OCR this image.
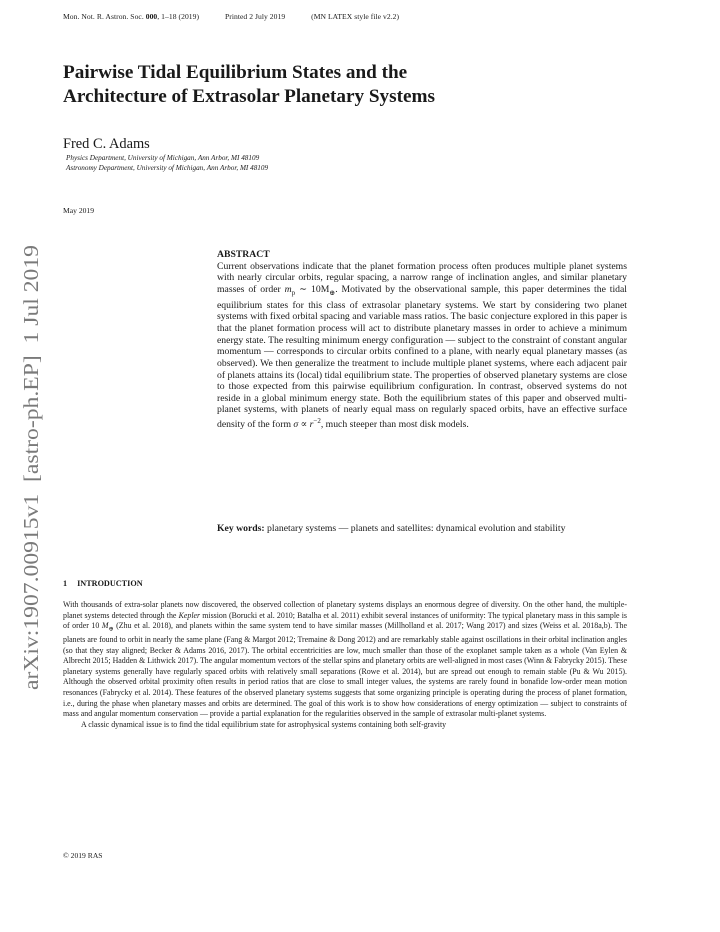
Mon. Not. R. Astron. Soc. 000, 1–18 (2019)	Printed 2 July 2019	(MN LATEX style file v2.2)
Pairwise Tidal Equilibrium States and the
Architecture of Extrasolar Planetary Systems
Fred C. Adams
Physics Department, University of Michigan, Ann Arbor, MI 48109
Astronomy Department, University of Michigan, Ann Arbor, MI 48109
May 2019
arXiv:1907.00915v1  [astro-ph.EP]  1 Jul 2019
ABSTRACT
Current observations indicate that the planet formation process often produces multiple planet systems with nearly circular orbits, regular spacing, a narrow range of inclination angles, and similar planetary masses of order $m_p$ ∼ $10M_\oplus$. Motivated by the observational sample, this paper determines the tidal equilibrium states for this class of extrasolar planetary systems. We start by considering two planet systems with fixed orbital spacing and variable mass ratios. The basic conjecture explored in this paper is that the planet formation process will act to distribute planetary masses in order to achieve a minimum energy state. The resulting minimum energy configuration — subject to the constraint of constant angular momentum — corresponds to circular orbits confined to a plane, with nearly equal planetary masses (as observed). We then generalize the treatment to include multiple planet systems, where each adjacent pair of planets attains its (local) tidal equilibrium state. The properties of observed planetary systems are close to those expected from this pairwise equilibrium configuration. In contrast, observed systems do not reside in a global minimum energy state. Both the equilibrium states of this paper and observed multi-planet systems, with planets of nearly equal mass on regularly spaced orbits, have an effective surface density of the form $\sigma \propto r^{-2}$, much steeper than most disk models.
Key words: planetary systems — planets and satellites: dynamical evolution and stability
1 INTRODUCTION

With thousands of extra-solar planets now discovered, the observed collection of planetary systems displays an enormous degree of diversity. On the other hand, the multiple-planet systems detected through the Kepler mission (Borucki et al. 2010; Batalha et al. 2011) exhibit several instances of uniformity: The typical planetary mass in this sample is of order 10 $M_\oplus$ (Zhu et al. 2018), and planets within the same system tend to have similar masses (Millholland et al. 2017; Wang 2017) and sizes (Weiss et al. 2018a,b). The planets are found to orbit in nearly the same plane (Fang & Margot 2012; Tremaine & Dong 2012) and are remarkably stable against oscillations in their orbital inclination angles (so that they stay aligned; Becker & Adams 2016, 2017). The orbital eccentricities are low, much smaller than those of the exoplanet sample taken as a whole (Van Eylen & Albrecht 2015; Hadden & Lithwick 2017). The angular momentum vectors of the stellar spins and planetary orbits are well-aligned in most cases (Winn & Fabrycky 2015). These planetary systems generally have regularly spaced orbits with relatively small separations (Rowe et al. 2014), but are spread out enough to remain stable (Pu & Wu 2015). Although the observed orbital proximity often results in period ratios that are close to small integer values, the systems are rarely found in bonafide low-order mean motion resonances (Fabrycky et al. 2014). These features of the observed planetary systems suggests that some organizing principle is operating during the process of planet formation, i.e., during the phase when planetary masses and orbits are determined. The goal of this work is to show how considerations of energy optimization — subject to constraints of mass and angular momentum conservation — provide a partial explanation for the regularities observed in the sample of extrasolar multi-planet systems.

A classic dynamical issue is to find the tidal equilibrium state for astrophysical systems containing both self-gravity

© 2019 RAS
